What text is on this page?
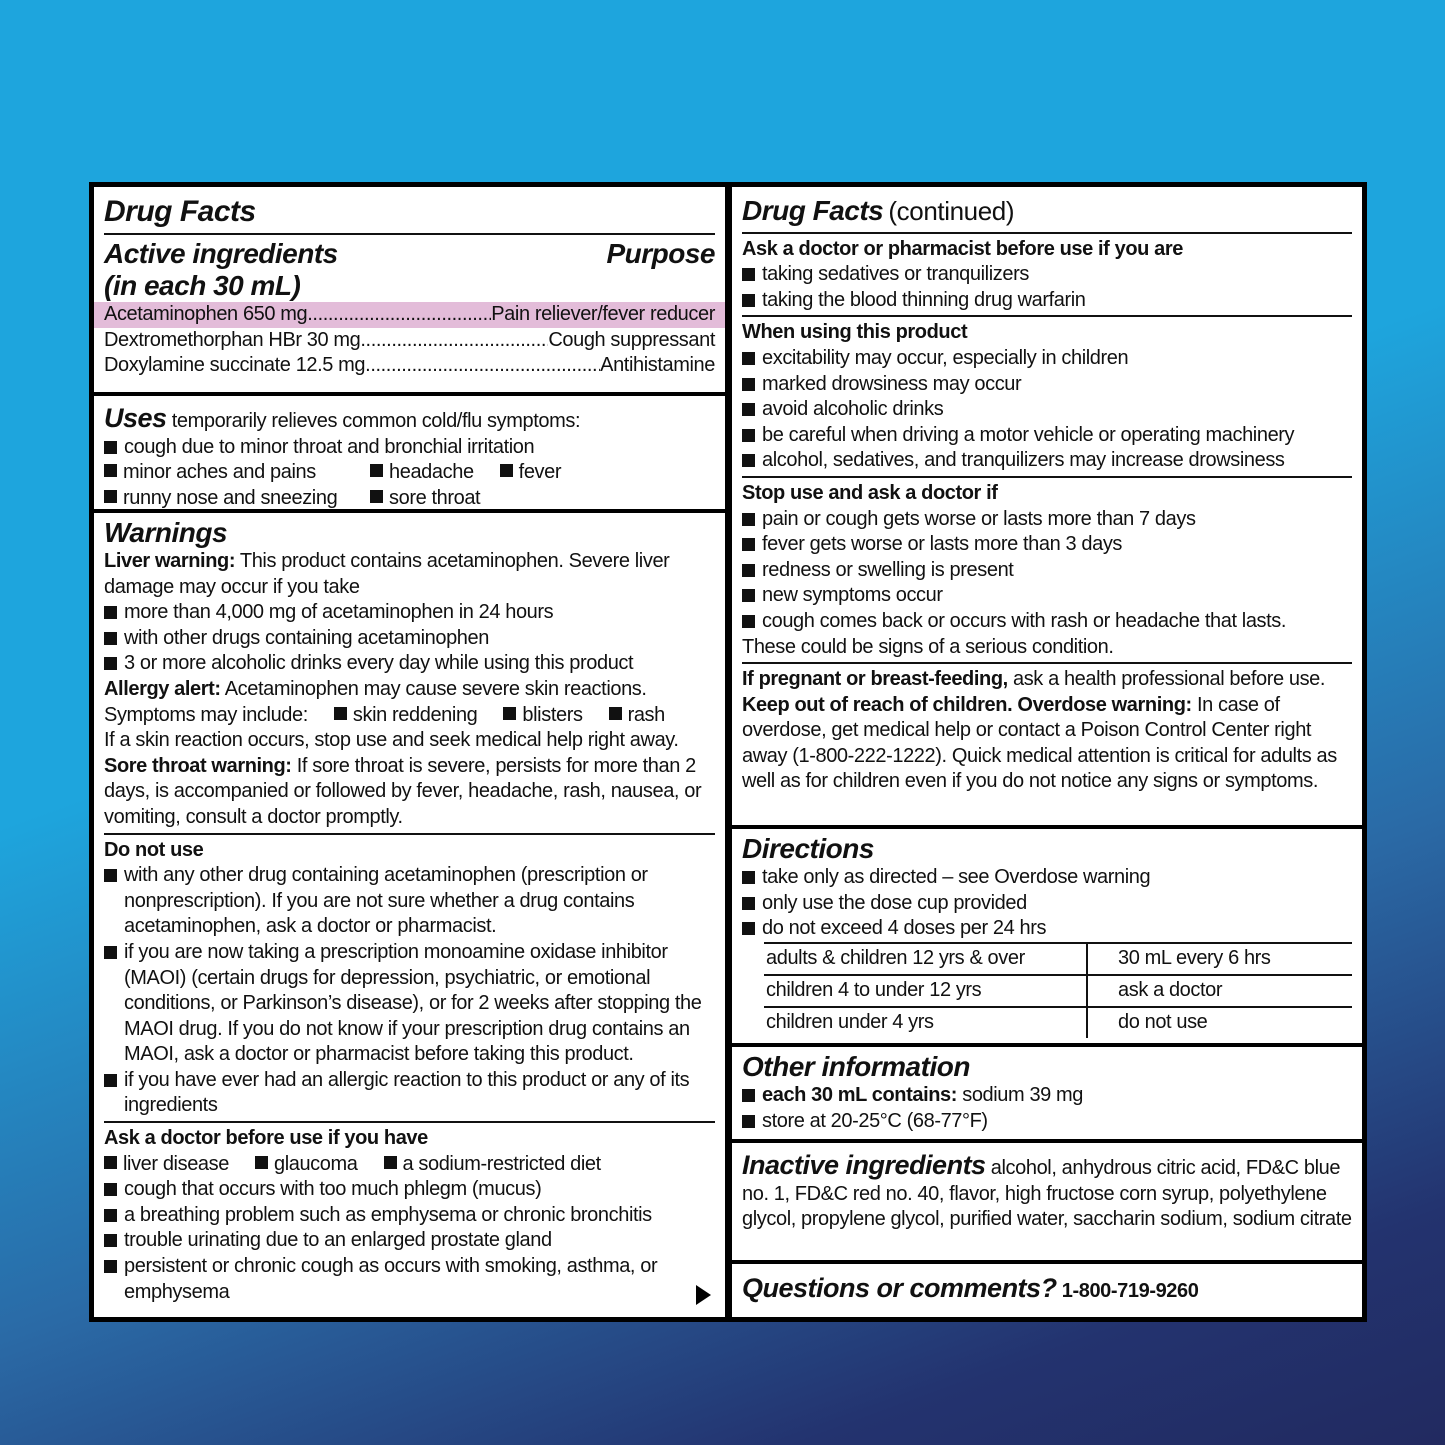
Drug Facts
Active ingredients
(in each 30 mL)
Purpose
Acetaminophen 650 mg .....	Pain reliever/fever reducer
Dextromethorphan HBr 30 mg .....	Cough suppressant
Doxylamine succinate 12.5 mg .....	Antihistamine
Uses temporarily relieves common cold/flu symptoms:
cough due to minor throat and bronchial irritation
minor aches and pains	headache fever
runny nose and sneezing	sore throat
Warnings
Liver warning: This product contains acetaminophen. Severe liver damage may occur if you take
more than 4,000 mg of acetaminophen in 24 hours
with other drugs containing acetaminophen
3 or more alcoholic drinks every day while using this product
Allergy alert: Acetaminophen may cause severe skin reactions.
Symptoms may include: skin reddening blisters rash
If a skin reaction occurs, stop use and seek medical help right away.
Sore throat warning: If sore throat is severe, persists for more than 2 days, is accompanied or followed by fever, headache, rash, nausea, or vomiting, consult a doctor promptly.
Do not use
with any other drug containing acetaminophen (prescription or nonprescription). If you are not sure whether a drug contains acetaminophen, ask a doctor or pharmacist.
if you are now taking a prescription monoamine oxidase inhibitor (MAOI) (certain drugs for depression, psychiatric, or emotional conditions, or Parkinson’s disease), or for 2 weeks after stopping the MAOI drug. If you do not know if your prescription drug contains an MAOI, ask a doctor or pharmacist before taking this product.
if you have ever had an allergic reaction to this product or any of its ingredients
Ask a doctor before use if you have
liver disease glaucoma a sodium-restricted diet
cough that occurs with too much phlegm (mucus)
a breathing problem such as emphysema or chronic bronchitis
trouble urinating due to an enlarged prostate gland
persistent or chronic cough as occurs with smoking, asthma, or emphysema
Drug Facts (continued)
Ask a doctor or pharmacist before use if you are
taking sedatives or tranquilizers
taking the blood thinning drug warfarin
When using this product
excitability may occur, especially in children
marked drowsiness may occur
avoid alcoholic drinks
be careful when driving a motor vehicle or operating machinery
alcohol, sedatives, and tranquilizers may increase drowsiness
Stop use and ask a doctor if
pain or cough gets worse or lasts more than 7 days
fever gets worse or lasts more than 3 days
redness or swelling is present
new symptoms occur
cough comes back or occurs with rash or headache that lasts.
These could be signs of a serious condition.
If pregnant or breast-feeding, ask a health professional before use.
Keep out of reach of children. Overdose warning: In case of overdose, get medical help or contact a Poison Control Center right away (1-800-222-1222). Quick medical attention is critical for adults as well as for children even if you do not notice any signs or symptoms.
Directions
take only as directed – see Overdose warning
only use the dose cup provided
do not exceed 4 doses per 24 hrs
adults & children 12 yrs & over	30 mL every 6 hrs
children 4 to under 12 yrs	ask a doctor
children under 4 yrs	do not use
Other information
each 30 mL contains: sodium 39 mg
store at 20-25°C (68-77°F)
Inactive ingredients alcohol, anhydrous citric acid, FD&C blue no. 1, FD&C red no. 40, flavor, high fructose corn syrup, polyethylene glycol, propylene glycol, purified water, saccharin sodium, sodium citrate
Questions or comments? 1-800-719-9260
